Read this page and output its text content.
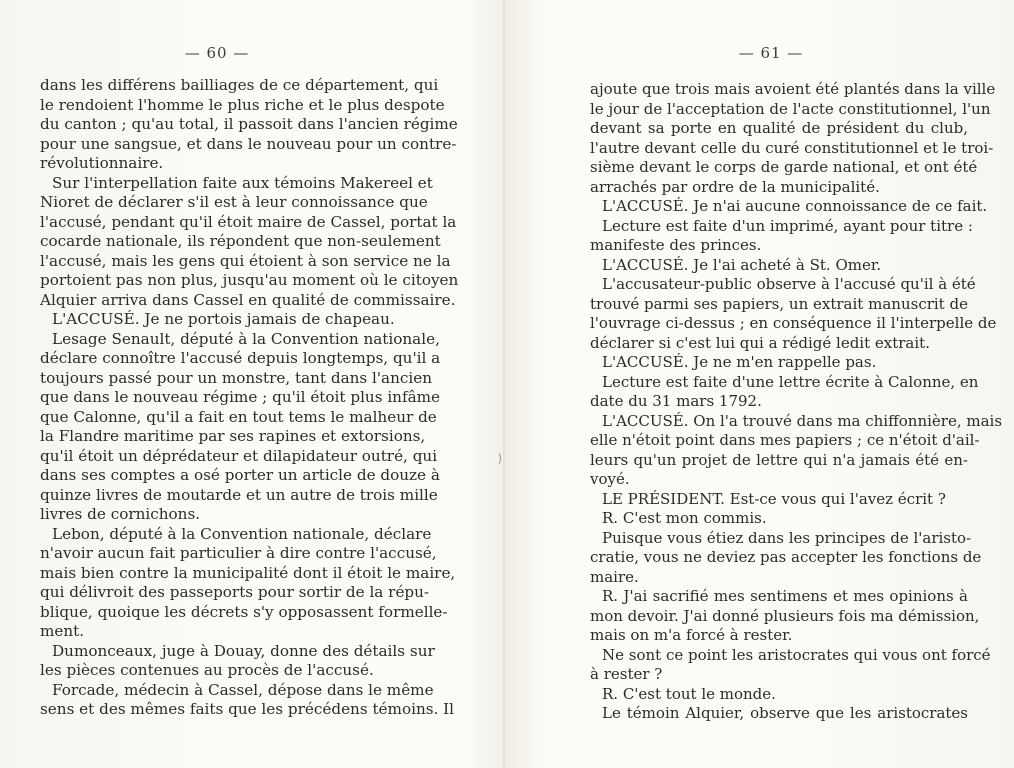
⟩
— 60 —
dans les différens bailliages de ce département, qui
le rendoient l'homme le plus riche et le plus despote
du canton ; qu'au total, il passoit dans l'ancien régime
pour une sangsue, et dans le nouveau pour un contre-
révolutionnaire.
Sur l'interpellation faite aux témoins Makereel et
Nioret de déclarer s'il est à leur connoissance que
l'accusé, pendant qu'il étoit maire de Cassel, portat la
cocarde nationale, ils répondent que non-seulement
l'accusé, mais les gens qui étoient à son service ne la
portoient pas non plus, jusqu'au moment où le citoyen
Alquier arriva dans Cassel en qualité de commissaire.
L'ACCUSÉ. Je ne portois jamais de chapeau.
Lesage Senault, député à la Convention nationale,
déclare connoître l'accusé depuis longtemps, qu'il a
toujours passé pour un monstre, tant dans l'ancien
que dans le nouveau régime ; qu'il étoit plus infâme
que Calonne, qu'il a fait en tout tems le malheur de
la Flandre maritime par ses rapines et extorsions,
qu'il étoit un déprédateur et dilapidateur outré, qui
dans ses comptes a osé porter un article de douze à
quinze livres de moutarde et un autre de trois mille
livres de cornichons.
Lebon, député à la Convention nationale, déclare
n'avoir aucun fait particulier à dire contre l'accusé,
mais bien contre la municipalité dont il étoit le maire,
qui délivroit des passeports pour sortir de la répu-
blique, quoique les décrets s'y opposassent formelle-
ment.
Dumonceaux, juge à Douay, donne des détails sur
les pièces contenues au procès de l'accusé.
Forcade, médecin à Cassel, dépose dans le même
sens et des mêmes faits que les précédens témoins. Il
— 61 —
ajoute que trois mais avoient été plantés dans la ville
le jour de l'acceptation de l'acte constitutionnel, l'un
devant sa porte en qualité de président du club,
l'autre devant celle du curé constitutionnel et le troi-
sième devant le corps de garde national, et ont été
arrachés par ordre de la municipalité.
L'ACCUSÉ. Je n'ai aucune connoissance de ce fait.
Lecture est faite d'un imprimé, ayant pour titre :
manifeste des princes.
L'ACCUSÉ. Je l'ai acheté à St. Omer.
L'accusateur-public observe à l'accusé qu'il à été
trouvé parmi ses papiers, un extrait manuscrit de
l'ouvrage ci-dessus ; en conséquence il l'interpelle de
déclarer si c'est lui qui a rédigé ledit extrait.
L'ACCUSÉ. Je ne m'en rappelle pas.
Lecture est faite d'une lettre écrite à Calonne, en
date du 31 mars 1792.
L'ACCUSÉ. On l'a trouvé dans ma chiffonnière, mais
elle n'étoit point dans mes papiers ; ce n'étoit d'ail-
leurs qu'un projet de lettre qui n'a jamais été en-
voyé.
LE PRÉSIDENT. Est-ce vous qui l'avez écrit ?
R. C'est mon commis.
Puisque vous étiez dans les principes de l'aristo-
cratie, vous ne deviez pas accepter les fonctions de
maire.
R. J'ai sacrifié mes sentimens et mes opinions à
mon devoir. J'ai donné plusieurs fois ma démission,
mais on m'a forcé à rester.
Ne sont ce point les aristocrates qui vous ont forcé
à rester ?
R. C'est tout le monde.
Le témoin Alquier, observe que les aristocrates
